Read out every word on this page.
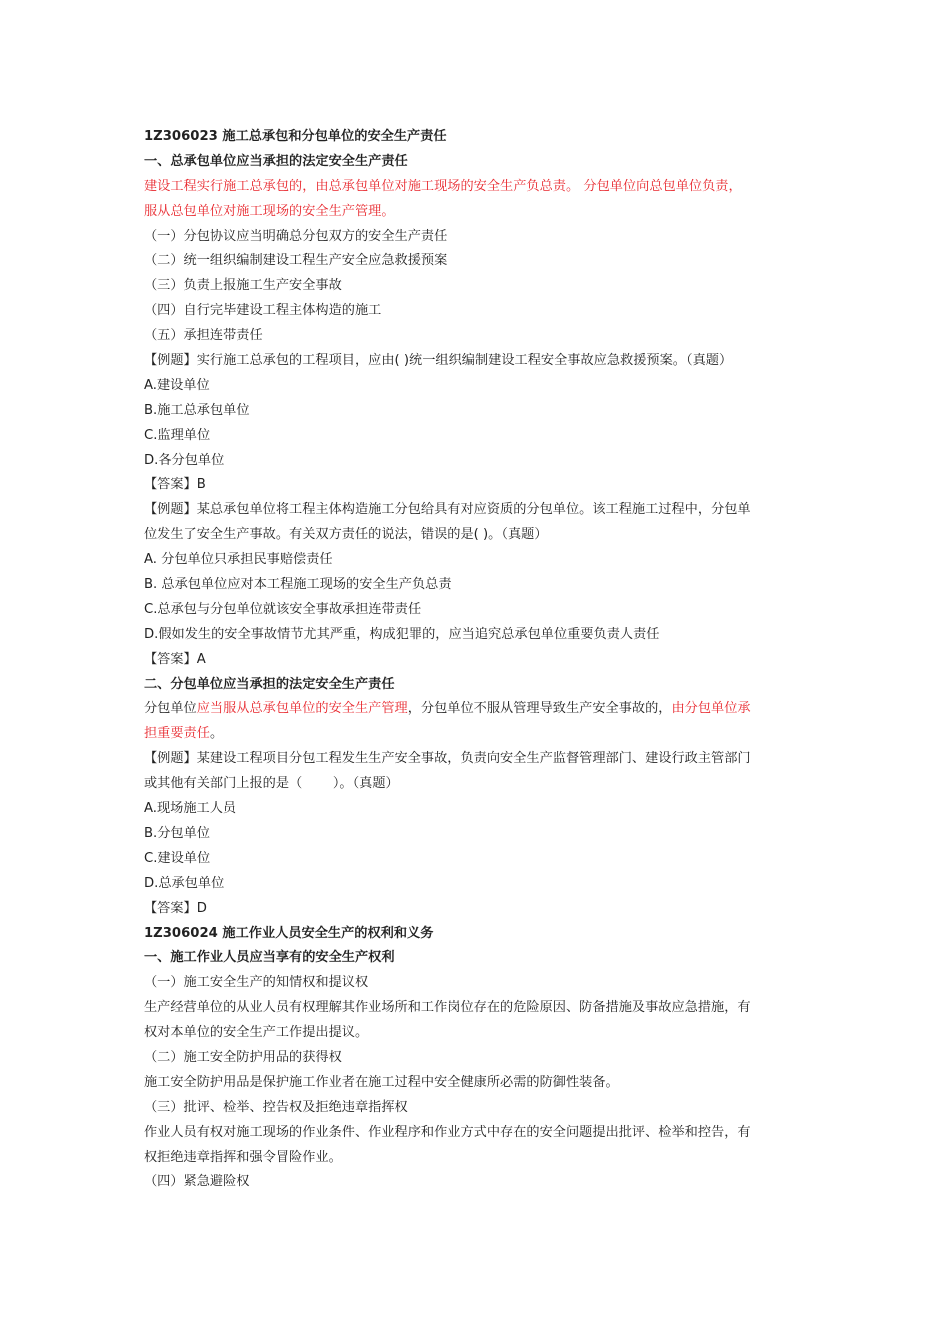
1Z306023 施工总承包和分包单位的安全生产责任
一、总承包单位应当承担的法定安全生产责任
建设工程实行施工总承包的，由总承包单位对施工现场的安全生产负总责。 分包单位向总包单位负责，
服从总包单位对施工现场的安全生产管理。
（一）分包协议应当明确总分包双方的安全生产责任
（二）统一组织编制建设工程生产安全应急救援预案
（三）负责上报施工生产安全事故
（四）自行完毕建设工程主体构造的施工
（五）承担连带责任
【例题】实行施工总承包的工程项目，应由( )统一组织编制建设工程安全事故应急救援预案。（真题）
A.建设单位
B.施工总承包单位
C.监理单位
D.各分包单位
【答案】B
【例题】某总承包单位将工程主体构造施工分包给具有对应资质的分包单位。该工程施工过程中，分包单
位发生了安全生产事故。有关双方责任的说法，错误的是( )。（真题）
A. 分包单位只承担民事赔偿责任
B. 总承包单位应对本工程施工现场的安全生产负总责
C.总承包与分包单位就该安全事故承担连带责任
D.假如发生的安全事故情节尤其严重，构成犯罪的，应当追究总承包单位重要负责人责任
【答案】A
二、分包单位应当承担的法定安全生产责任
分包单位应当服从总承包单位的安全生产管理，分包单位不服从管理导致生产安全事故的，由分包单位承
担重要责任。
【例题】某建设工程项目分包工程发生生产安全事故，负责向安全生产监督管理部门、建设行政主管部门
或其他有关部门上报的是（　　 ）。（真题）
A.现场施工人员
B.分包单位
C.建设单位
D.总承包单位
【答案】D
1Z306024 施工作业人员安全生产的权利和义务
一、施工作业人员应当享有的安全生产权利
（一）施工安全生产的知情权和提议权
生产经营单位的从业人员有权理解其作业场所和工作岗位存在的危险原因、防备措施及事故应急措施，有
权对本单位的安全生产工作提出提议。
（二）施工安全防护用品的获得权
施工安全防护用品是保护施工作业者在施工过程中安全健康所必需的防御性装备。
（三）批评、检举、控告权及拒绝违章指挥权
作业人员有权对施工现场的作业条件、作业程序和作业方式中存在的安全问题提出批评、检举和控告，有
权拒绝违章指挥和强令冒险作业。
（四）紧急避险权
